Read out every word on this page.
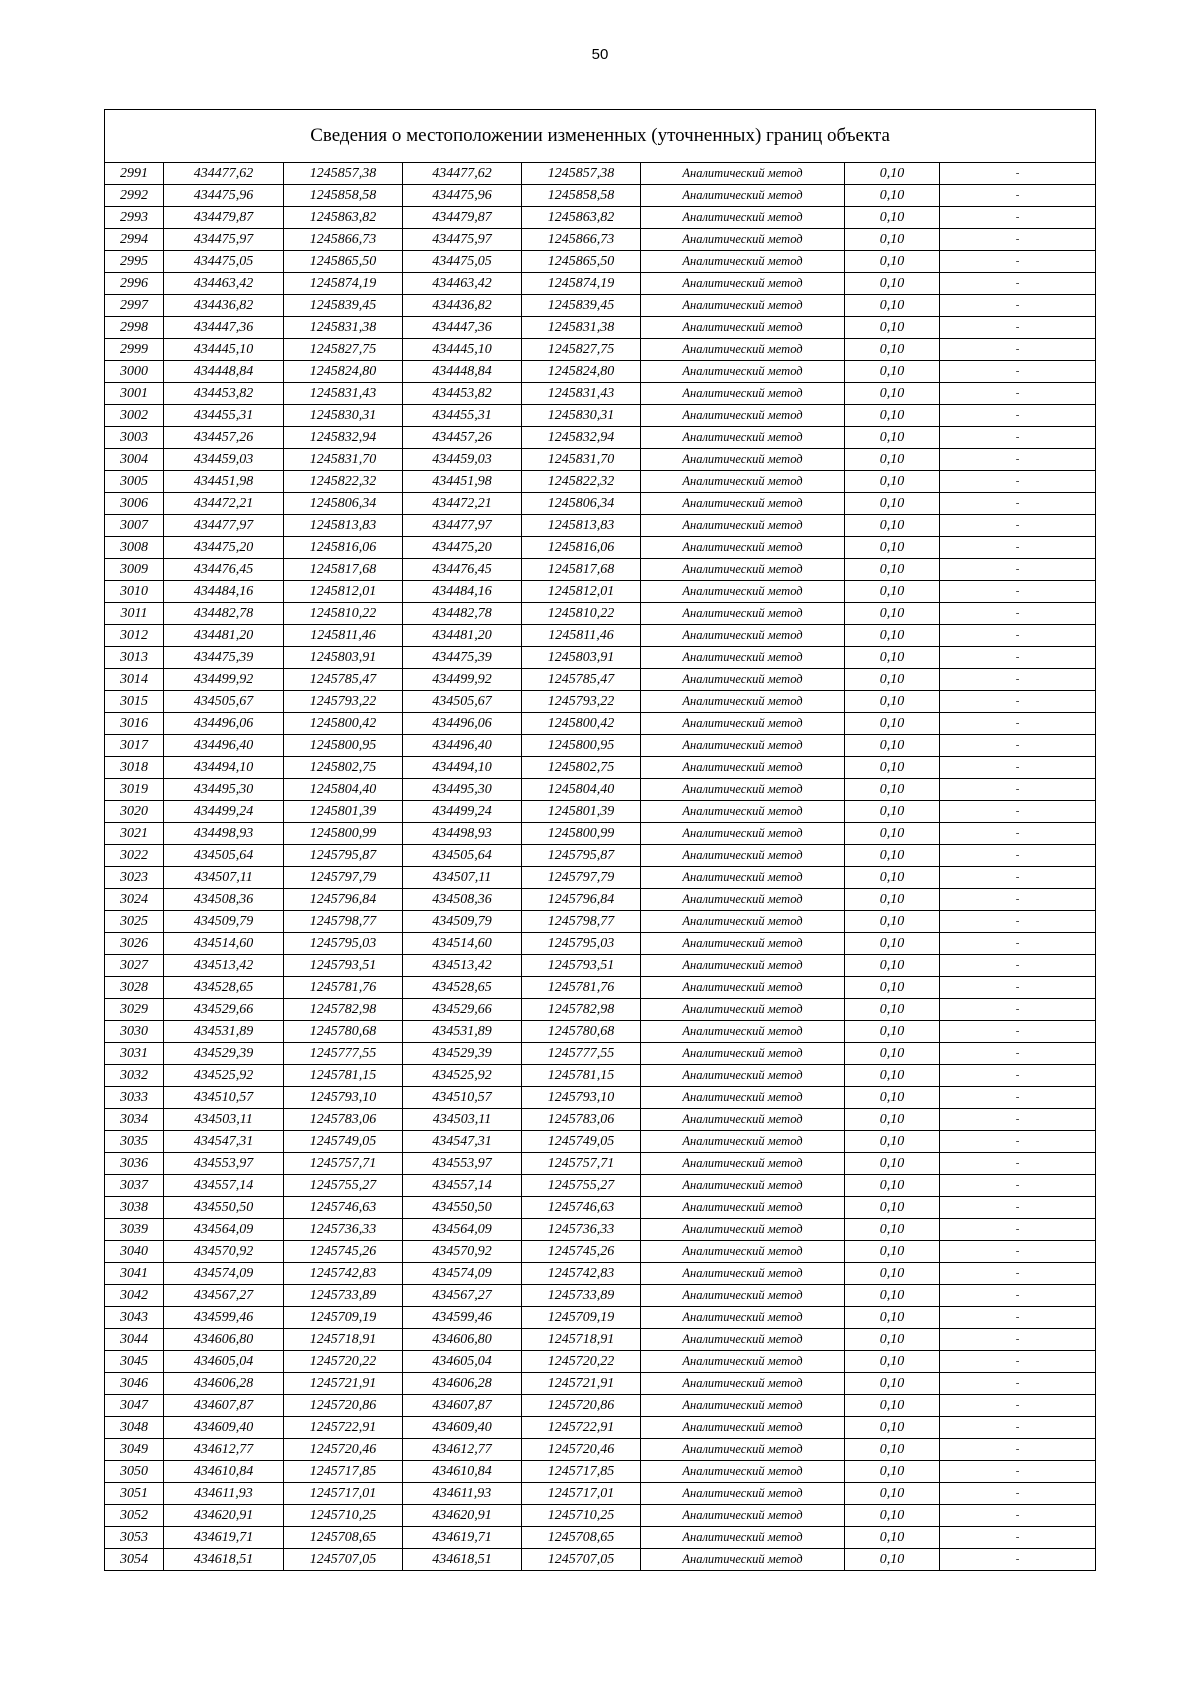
50
Сведения о местоположении измененных (уточненных) границ объекта							
2991	434477,62	1245857,38	434477,62	1245857,38	Аналитический метод	0,10	-
2992	434475,96	1245858,58	434475,96	1245858,58	Аналитический метод	0,10	-
2993	434479,87	1245863,82	434479,87	1245863,82	Аналитический метод	0,10	-
2994	434475,97	1245866,73	434475,97	1245866,73	Аналитический метод	0,10	-
2995	434475,05	1245865,50	434475,05	1245865,50	Аналитический метод	0,10	-
2996	434463,42	1245874,19	434463,42	1245874,19	Аналитический метод	0,10	-
2997	434436,82	1245839,45	434436,82	1245839,45	Аналитический метод	0,10	-
2998	434447,36	1245831,38	434447,36	1245831,38	Аналитический метод	0,10	-
2999	434445,10	1245827,75	434445,10	1245827,75	Аналитический метод	0,10	-
3000	434448,84	1245824,80	434448,84	1245824,80	Аналитический метод	0,10	-
3001	434453,82	1245831,43	434453,82	1245831,43	Аналитический метод	0,10	-
3002	434455,31	1245830,31	434455,31	1245830,31	Аналитический метод	0,10	-
3003	434457,26	1245832,94	434457,26	1245832,94	Аналитический метод	0,10	-
3004	434459,03	1245831,70	434459,03	1245831,70	Аналитический метод	0,10	-
3005	434451,98	1245822,32	434451,98	1245822,32	Аналитический метод	0,10	-
3006	434472,21	1245806,34	434472,21	1245806,34	Аналитический метод	0,10	-
3007	434477,97	1245813,83	434477,97	1245813,83	Аналитический метод	0,10	-
3008	434475,20	1245816,06	434475,20	1245816,06	Аналитический метод	0,10	-
3009	434476,45	1245817,68	434476,45	1245817,68	Аналитический метод	0,10	-
3010	434484,16	1245812,01	434484,16	1245812,01	Аналитический метод	0,10	-
3011	434482,78	1245810,22	434482,78	1245810,22	Аналитический метод	0,10	-
3012	434481,20	1245811,46	434481,20	1245811,46	Аналитический метод	0,10	-
3013	434475,39	1245803,91	434475,39	1245803,91	Аналитический метод	0,10	-
3014	434499,92	1245785,47	434499,92	1245785,47	Аналитический метод	0,10	-
3015	434505,67	1245793,22	434505,67	1245793,22	Аналитический метод	0,10	-
3016	434496,06	1245800,42	434496,06	1245800,42	Аналитический метод	0,10	-
3017	434496,40	1245800,95	434496,40	1245800,95	Аналитический метод	0,10	-
3018	434494,10	1245802,75	434494,10	1245802,75	Аналитический метод	0,10	-
3019	434495,30	1245804,40	434495,30	1245804,40	Аналитический метод	0,10	-
3020	434499,24	1245801,39	434499,24	1245801,39	Аналитический метод	0,10	-
3021	434498,93	1245800,99	434498,93	1245800,99	Аналитический метод	0,10	-
3022	434505,64	1245795,87	434505,64	1245795,87	Аналитический метод	0,10	-
3023	434507,11	1245797,79	434507,11	1245797,79	Аналитический метод	0,10	-
3024	434508,36	1245796,84	434508,36	1245796,84	Аналитический метод	0,10	-
3025	434509,79	1245798,77	434509,79	1245798,77	Аналитический метод	0,10	-
3026	434514,60	1245795,03	434514,60	1245795,03	Аналитический метод	0,10	-
3027	434513,42	1245793,51	434513,42	1245793,51	Аналитический метод	0,10	-
3028	434528,65	1245781,76	434528,65	1245781,76	Аналитический метод	0,10	-
3029	434529,66	1245782,98	434529,66	1245782,98	Аналитический метод	0,10	-
3030	434531,89	1245780,68	434531,89	1245780,68	Аналитический метод	0,10	-
3031	434529,39	1245777,55	434529,39	1245777,55	Аналитический метод	0,10	-
3032	434525,92	1245781,15	434525,92	1245781,15	Аналитический метод	0,10	-
3033	434510,57	1245793,10	434510,57	1245793,10	Аналитический метод	0,10	-
3034	434503,11	1245783,06	434503,11	1245783,06	Аналитический метод	0,10	-
3035	434547,31	1245749,05	434547,31	1245749,05	Аналитический метод	0,10	-
3036	434553,97	1245757,71	434553,97	1245757,71	Аналитический метод	0,10	-
3037	434557,14	1245755,27	434557,14	1245755,27	Аналитический метод	0,10	-
3038	434550,50	1245746,63	434550,50	1245746,63	Аналитический метод	0,10	-
3039	434564,09	1245736,33	434564,09	1245736,33	Аналитический метод	0,10	-
3040	434570,92	1245745,26	434570,92	1245745,26	Аналитический метод	0,10	-
3041	434574,09	1245742,83	434574,09	1245742,83	Аналитический метод	0,10	-
3042	434567,27	1245733,89	434567,27	1245733,89	Аналитический метод	0,10	-
3043	434599,46	1245709,19	434599,46	1245709,19	Аналитический метод	0,10	-
3044	434606,80	1245718,91	434606,80	1245718,91	Аналитический метод	0,10	-
3045	434605,04	1245720,22	434605,04	1245720,22	Аналитический метод	0,10	-
3046	434606,28	1245721,91	434606,28	1245721,91	Аналитический метод	0,10	-
3047	434607,87	1245720,86	434607,87	1245720,86	Аналитический метод	0,10	-
3048	434609,40	1245722,91	434609,40	1245722,91	Аналитический метод	0,10	-
3049	434612,77	1245720,46	434612,77	1245720,46	Аналитический метод	0,10	-
3050	434610,84	1245717,85	434610,84	1245717,85	Аналитический метод	0,10	-
3051	434611,93	1245717,01	434611,93	1245717,01	Аналитический метод	0,10	-
3052	434620,91	1245710,25	434620,91	1245710,25	Аналитический метод	0,10	-
3053	434619,71	1245708,65	434619,71	1245708,65	Аналитический метод	0,10	-
3054	434618,51	1245707,05	434618,51	1245707,05	Аналитический метод	0,10	-
